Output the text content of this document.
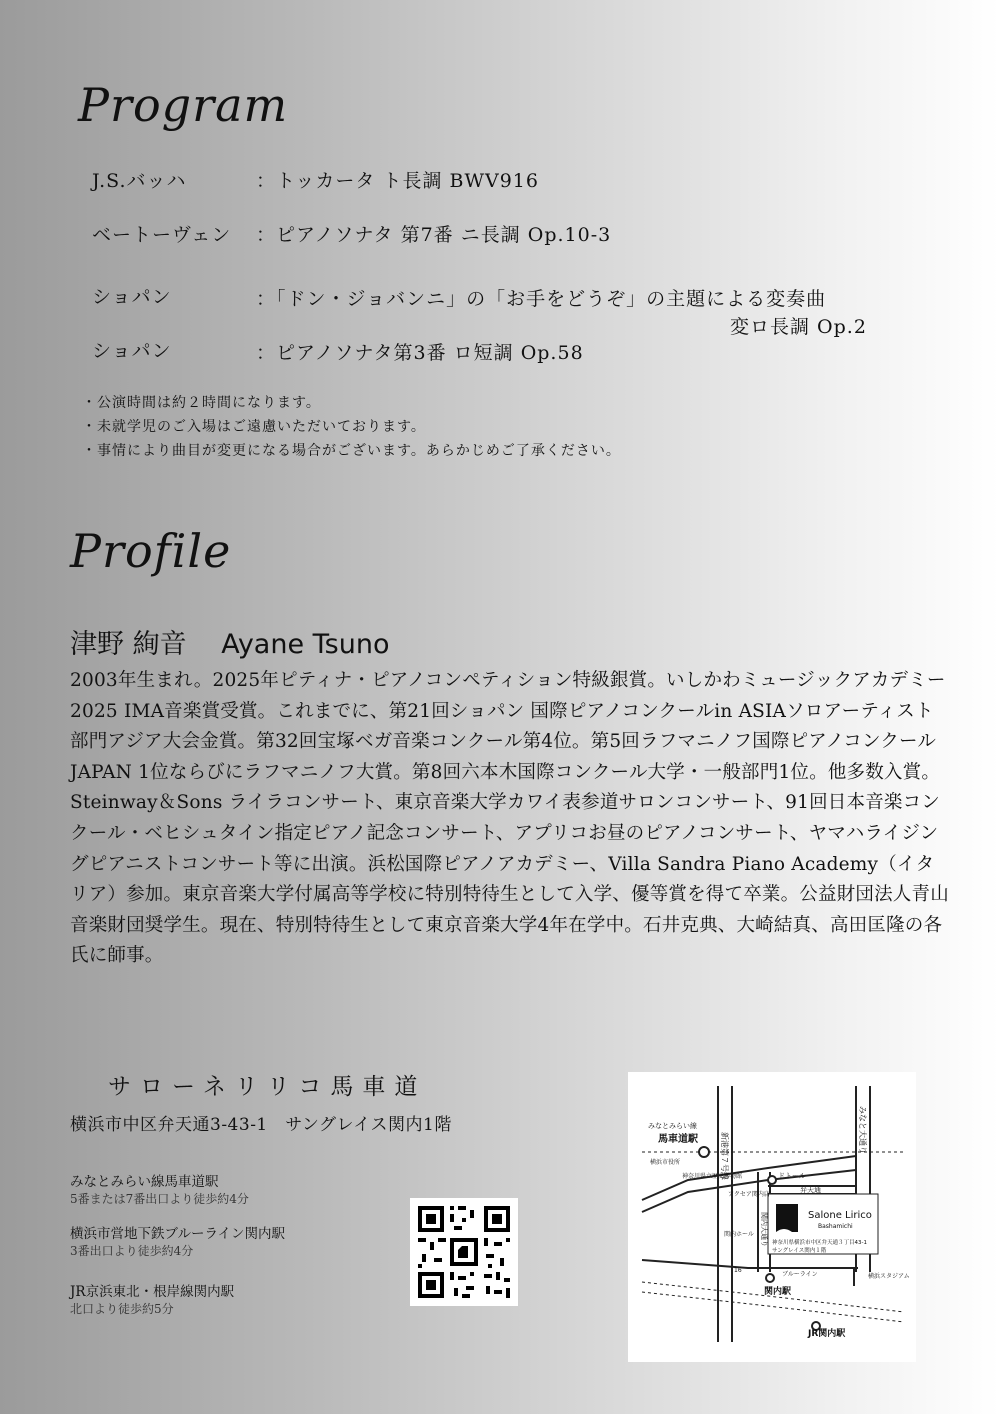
Program
J.S.バッハ	：トッカータ ト長調 BWV916
ベートーヴェン ：ピアノソナタ 第7番 ニ長調 Op.10-3
ショパン	：「ドン・ジョバンニ」の「お手をどうぞ」の主題による変奏曲
変ロ長調 Op.2
ショパン	：ピアノソナタ第3番 ロ短調 Op.58
・公演時間は約２時間になります。
・未就学児のご入場はご遠慮いただいております。
・事情により曲目が変更になる場合がございます。あらかじめご了承ください。
Profile
津野 絢音 Ayane Tsuno
2003年生まれ。2025年ピティナ・ピアノコンペティション特級銀賞。いしかわミュージックアカデミー2025 IMA音楽賞受賞。これまでに、第21回ショパン 国際ピアノコンクールin ASIAソロアーティスト部門アジア大会金賞。第32回宝塚ベガ音楽コンクール第4位。第5回ラフマニノフ国際ピアノコンクールJAPAN 1位ならびにラフマニノフ大賞。第8回六本木国際コンクール大学・一般部門1位。他多数入賞。Steinway＆Sons ライラコンサート、東京音楽大学カワイ表参道サロンコンサート、91回日本音楽コンクール・ベヒシュタイン指定ピアノ記念コンサート、アプリコお昼のピアノコンサート、ヤマハライジングピアニストコンサート等に出演。浜松国際ピアノアカデミー、Villa Sandra Piano Academy（イタリア）参加。東京音楽大学付属高等学校に特別特待生として入学、優等賞を得て卒業。公益財団法人青山音楽財団奨学生。現在、特別特待生として東京音楽大学4年在学中。石井克典、大崎結真、高田匡隆の各氏に師事。
サローネリリコ馬車道
横浜市中区弁天通3-43-1　サングレイス関内1階
みなとみらい線馬車道駅
5番または7番出口より徒歩約4分
横浜市営地下鉄ブルーライン関内駅
3番出口より徒歩約4分
JR京浜東北・根岸線関内駅
北口より徒歩約5分
新港第７号線
みなと大通り
みなとみらい線
馬車道駅
横浜市役所
神奈川県立歴史博物館	ドトール
弁天通
アクセア関内店
関内ホール 関内大通り	Salone Lirico
Bashamichi
神奈川県横浜市中区弁天通３丁目43-1
サングレイス関内１階
16
ブルーライン
関内駅
横浜スタジアム
JR関内駅
